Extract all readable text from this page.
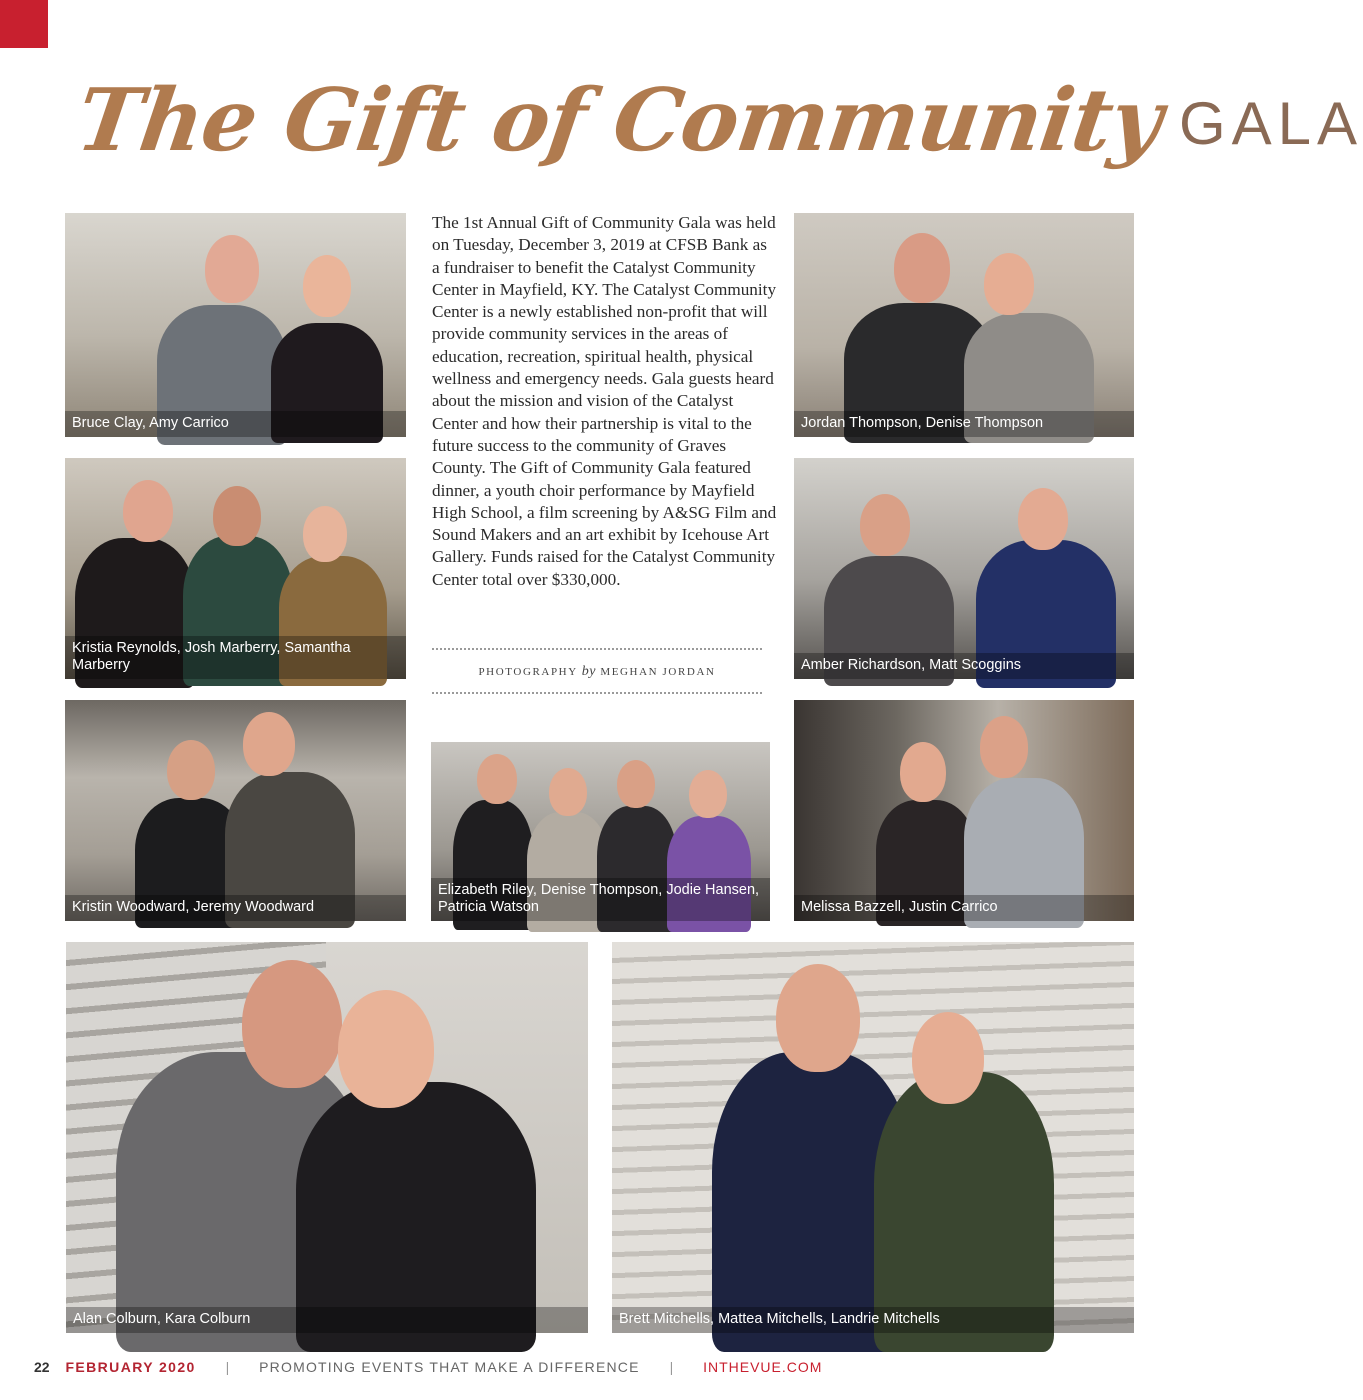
The Gift of Community GALA
Bruce Clay, Amy Carrico	Jordan Thompson, Denise Thompson
Kristia Reynolds, Josh Marberry, Samantha Marberry	Amber Richardson, Matt Scoggins
Kristin Woodward, Jeremy Woodward
Elizabeth Riley, Denise Thompson, Jodie Hansen, Patricia Watson	Melissa Bazzell, Justin Carrico
Alan Colburn, Kara Colburn	Brett Mitchells, Mattea Mitchells, Landrie Mitchells
The 1st Annual Gift of Community Gala was held on Tuesday, December 3, 2019 at CFSB Bank as a fundraiser to benefit the Catalyst Community Center in Mayfield, KY. The Catalyst Community Center is a newly established non-profit that will provide community services in the areas of education, recreation, spiritual health, physical wellness and emergency needs. Gala guests heard about the mission and vision of the Catalyst Center and how their partnership is vital to the future success to the community of Graves County. The Gift of Community Gala featured dinner, a youth choir performance by Mayfield High School, a film screening by A&SG Film and Sound Makers and an art exhibit by Icehouse Art Gallery. Funds raised for the Catalyst Community Center total over $330,000.
PHOTOGRAPHY by MEGHAN JORDAN
22 FEBRUARY 2020 | PROMOTING EVENTS THAT MAKE A DIFFERENCE | INTHEVUE.COM
